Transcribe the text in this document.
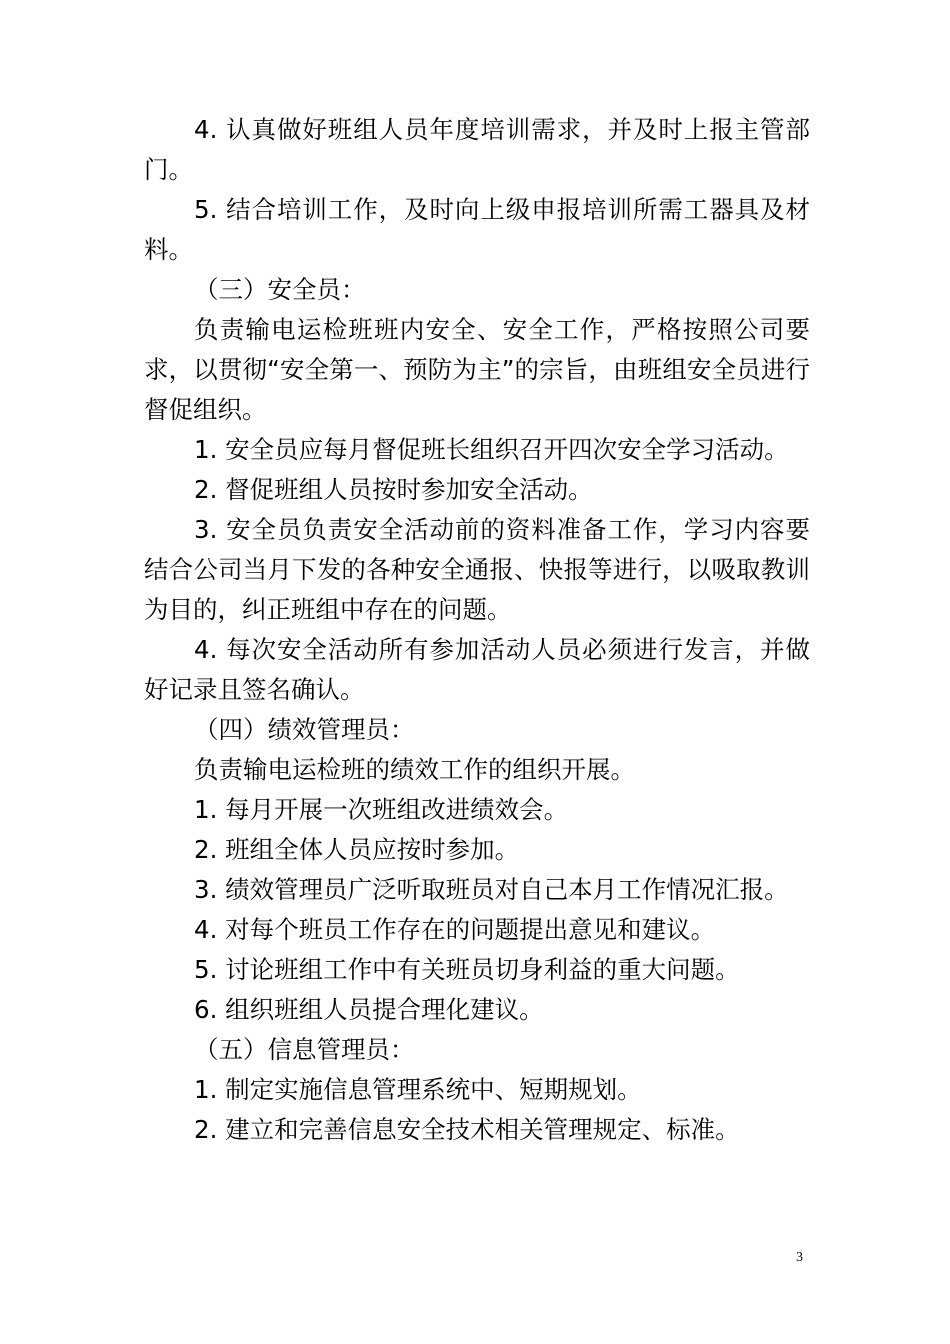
4. 认真做好班组人员年度培训需求，并及时上报主管部门。

5. 结合培训工作，及时向上级申报培训所需工器具及材料。

（三）安全员：

负责输电运检班班内安全、安全工作，严格按照公司要求，以贯彻“安全第一、预防为主”的宗旨，由班组安全员进行督促组织。

1. 安全员应每月督促班长组织召开四次安全学习活动。

2. 督促班组人员按时参加安全活动。

3. 安全员负责安全活动前的资料准备工作，学习内容要结合公司当月下发的各种安全通报、快报等进行，以吸取教训为目的，纠正班组中存在的问题。

4. 每次安全活动所有参加活动人员必须进行发言，并做好记录且签名确认。

（四）绩效管理员：

负责输电运检班的绩效工作的组织开展。

1. 每月开展一次班组改进绩效会。

2. 班组全体人员应按时参加。

3. 绩效管理员广泛听取班员对自己本月工作情况汇报。

4. 对每个班员工作存在的问题提出意见和建议。

5. 讨论班组工作中有关班员切身利益的重大问题。

6. 组织班组人员提合理化建议。

（五）信息管理员：

1. 制定实施信息管理系统中、短期规划。

2. 建立和完善信息安全技术相关管理规定、标准。

3
